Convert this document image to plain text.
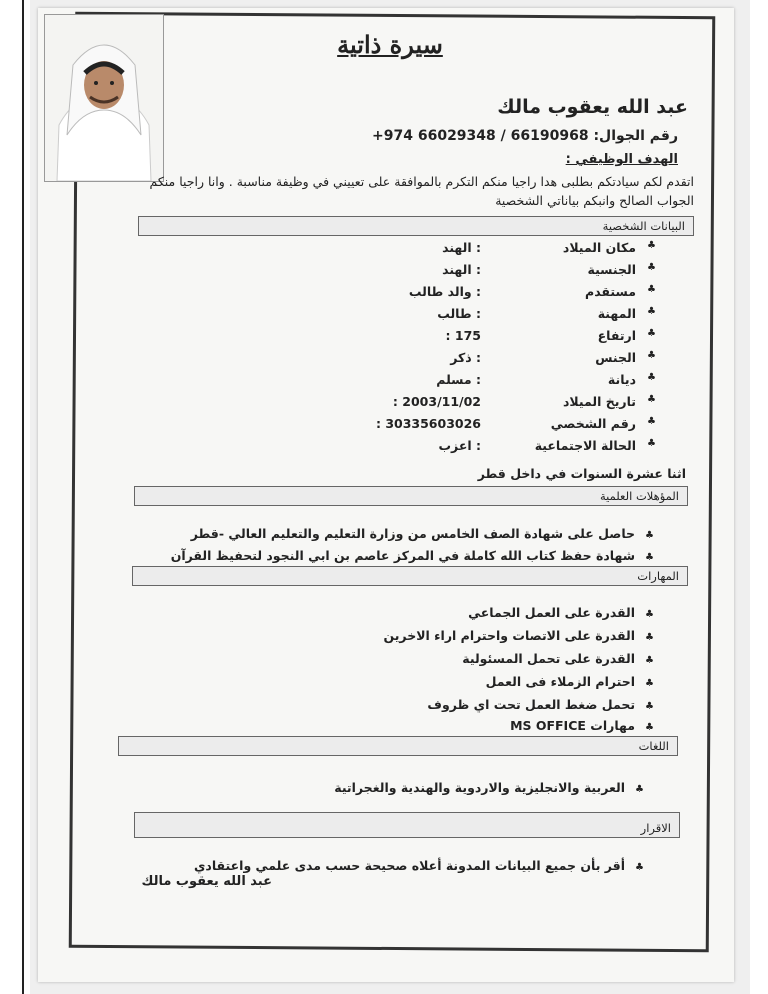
سيرة ذاتية
عبد الله يعقوب مالك
رقم الجوال: +974 66029348 / 66190968
الهدف الوظيفي :
اتقدم لكم سيادتكم بطلبى هدا راجيا منكم التكرم بالموافقة على تعييني في وظيفة مناسبة . وانا راجيا منكم الجواب الصالح وانبكم بياناتي الشخصية
البيانات الشخصية
♣
مكان الميلاد
: الهند
♣
الجنسية
: الهند
♣
مستقدم
: والد طالب
♣
المهنة
: طالب
♣
ارتفاع
175 :
♣
الجنس
: ذكر
♣
ديانة
: مسلم
♣
تاريخ الميلاد
2003/11/02 :
♣
رقم الشخصي
30335603026 :
♣
الحالة الاجتماعية
: اعزب
اثنا عشرة السنوات في داخل قطر
المؤهلات العلمية
♣حاصل على شهادة الصف الخامس من وزارة التعليم والتعليم العالي -قطر
♣شهادة حفظ كتاب الله كاملة في المركز عاصم بن ابي النجود لتحفيظ القرآن
المهارات
♣القدرة على العمل الجماعي
♣القدرة على الاتصات واحترام اراء الاخرين
♣القدرة على تحمل المسئولية
♣احترام الزملاء فى العمل
♣تحمل ضغط العمل تحت اي ظروف
♣مهارات MS OFFICE
اللغات
♣العربية والانجليزية والاردوية والهندية والغجراتية
الاقرار
♣أقر بأن جميع البيانات المدونة أعلاه صحيحة حسب مدى علمي واعتقادي
عبد الله يعقوب مالك
